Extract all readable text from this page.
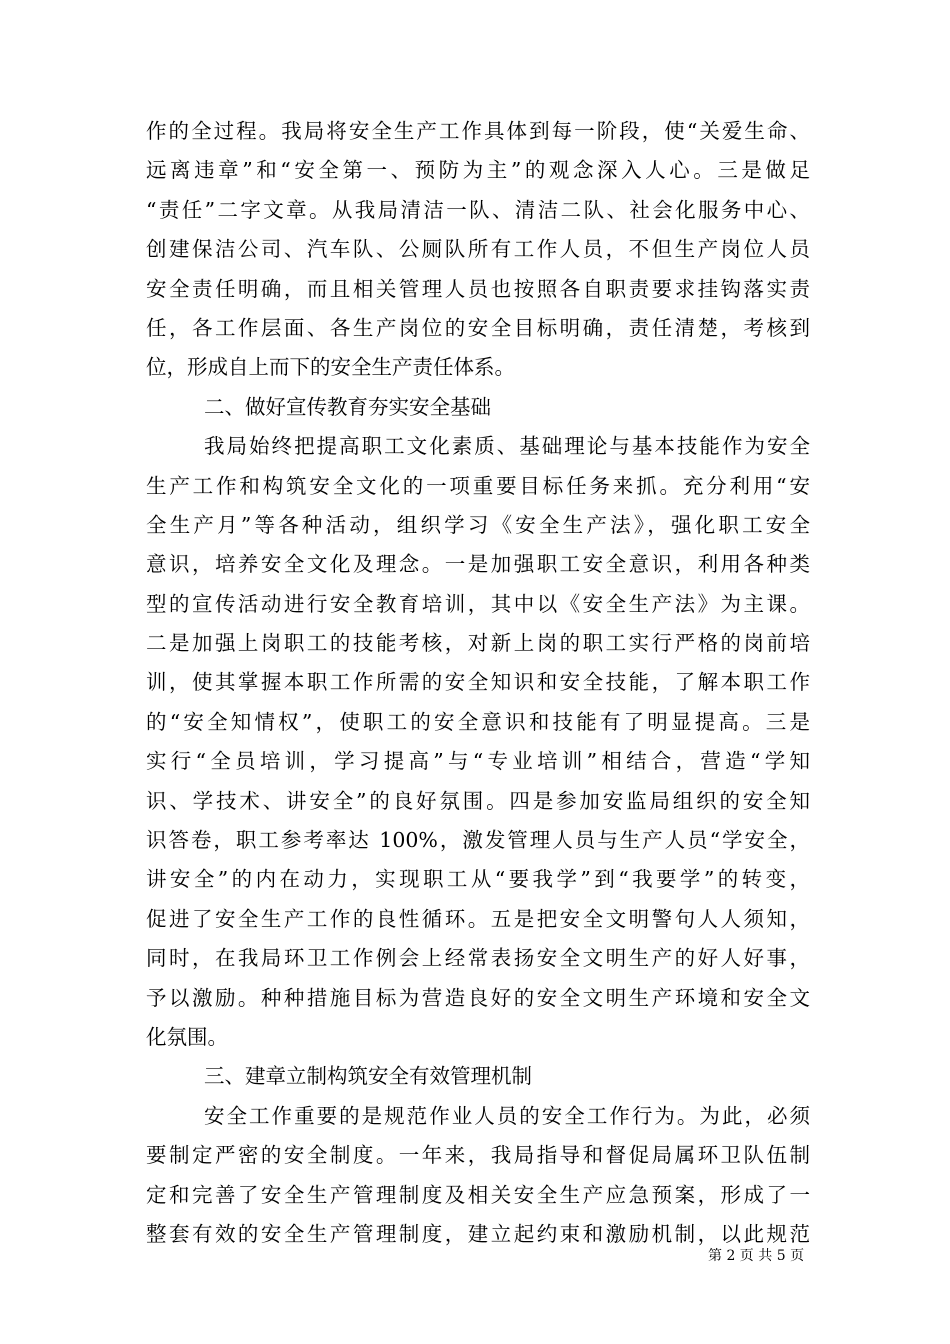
作的全过程。我局将安全生产工作具体到每一阶段，使“关爱生命、
远离违章”和“安全第一、预防为主”的观念深入人心。三是做足
“责任”二字文章。从我局清洁一队、清洁二队、社会化服务中心、
创建保洁公司、汽车队、公厕队所有工作人员，不但生产岗位人员
安全责任明确，而且相关管理人员也按照各自职责要求挂钩落实责
任，各工作层面、各生产岗位的安全目标明确，责任清楚，考核到
位，形成自上而下的安全生产责任体系。
二、做好宣传教育夯实安全基础
我局始终把提高职工文化素质、基础理论与基本技能作为安全
生产工作和构筑安全文化的一项重要目标任务来抓。充分利用“安
全生产月”等各种活动，组织学习《安全生产法》，强化职工安全
意识，培养安全文化及理念。一是加强职工安全意识，利用各种类
型的宣传活动进行安全教育培训，其中以《安全生产法》为主课。
二是加强上岗职工的技能考核，对新上岗的职工实行严格的岗前培
训，使其掌握本职工作所需的安全知识和安全技能，了解本职工作
的“安全知情权”，使职工的安全意识和技能有了明显提高。三是
实行“全员培训，学习提高”与“专业培训”相结合，营造“学知
识、学技术、讲安全”的良好氛围。四是参加安监局组织的安全知
识答卷，职工参考率达 100%，激发管理人员与生产人员“学安全，
讲安全”的内在动力，实现职工从“要我学”到“我要学”的转变，
促进了安全生产工作的良性循环。五是把安全文明警句人人须知，
同时，在我局环卫工作例会上经常表扬安全文明生产的好人好事，
予以激励。种种措施目标为营造良好的安全文明生产环境和安全文
化氛围。
三、建章立制构筑安全有效管理机制
安全工作重要的是规范作业人员的安全工作行为。为此，必须
要制定严密的安全制度。一年来，我局指导和督促局属环卫队伍制
定和完善了安全生产管理制度及相关安全生产应急预案，形成了一
整套有效的安全生产管理制度，建立起约束和激励机制，以此规范
第 2 页 共 5 页
